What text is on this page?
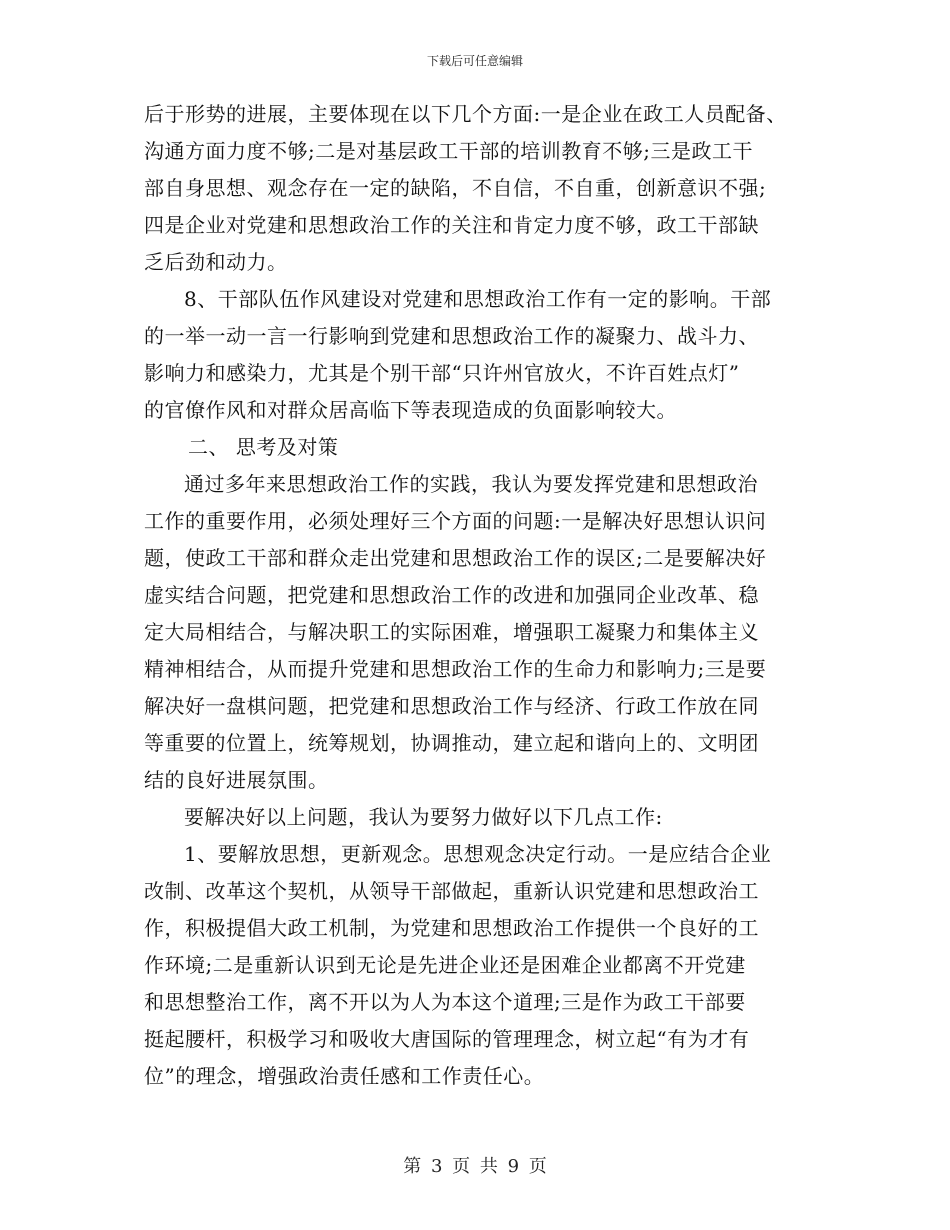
下载后可任意编辑
后于形势的进展，主要体现在以下几个方面:一是企业在政工人员配备、
沟通方面力度不够;二是对基层政工干部的培训教育不够;三是政工干
部自身思想、观念存在一定的缺陷，不自信，不自重，创新意识不强;
四是企业对党建和思想政治工作的关注和肯定力度不够，政工干部缺
乏后劲和动力。
8、干部队伍作风建设对党建和思想政治工作有一定的影响。干部
的一举一动一言一行影响到党建和思想政治工作的凝聚力、战斗力、
影响力和感染力，尤其是个别干部“只许州官放火，不许百姓点灯”
的官僚作风和对群众居高临下等表现造成的负面影响较大。
二、 思考及对策
通过多年来思想政治工作的实践，我认为要发挥党建和思想政治
工作的重要作用，必须处理好三个方面的问题:一是解决好思想认识问
题，使政工干部和群众走出党建和思想政治工作的误区;二是要解决好
虚实结合问题，把党建和思想政治工作的改进和加强同企业改革、稳
定大局相结合，与解决职工的实际困难，增强职工凝聚力和集体主义
精神相结合，从而提升党建和思想政治工作的生命力和影响力;三是要
解决好一盘棋问题，把党建和思想政治工作与经济、行政工作放在同
等重要的位置上，统筹规划，协调推动，建立起和谐向上的、文明团
结的良好进展氛围。
要解决好以上问题，我认为要努力做好以下几点工作:
1、要解放思想，更新观念。思想观念决定行动。一是应结合企业
改制、改革这个契机，从领导干部做起，重新认识党建和思想政治工
作，积极提倡大政工机制，为党建和思想政治工作提供一个良好的工
作环境;二是重新认识到无论是先进企业还是困难企业都离不开党建
和思想整治工作，离不开以为人为本这个道理;三是作为政工干部要
挺起腰杆，积极学习和吸收大唐国际的管理理念，树立起“有为才有
位”的理念，增强政治责任感和工作责任心。
第 3 页 共 9 页
